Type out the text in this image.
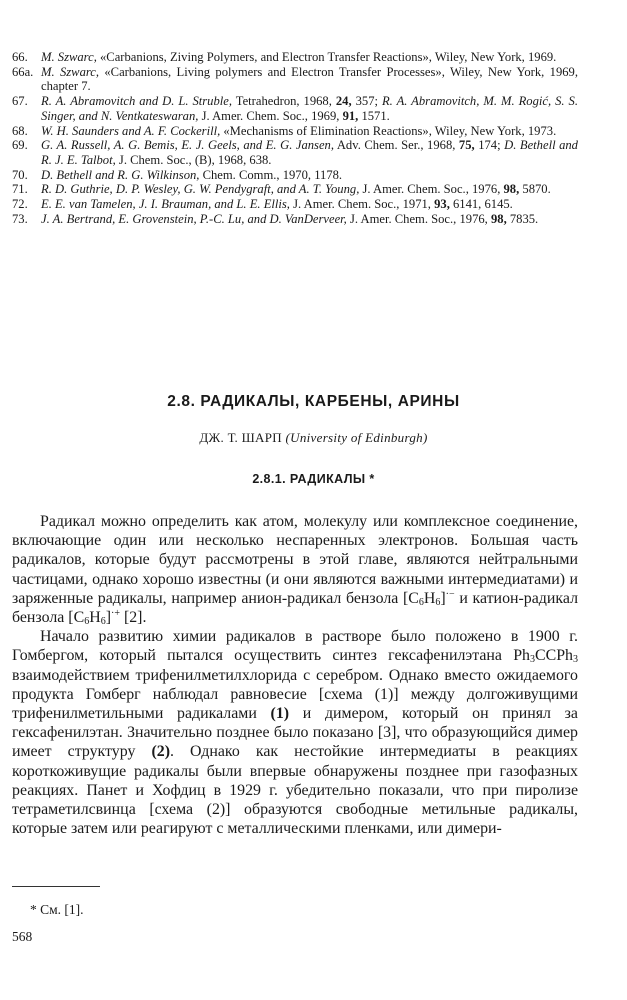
66. M. Szwarc, «Carbanions, Ziving Polymers, and Electron Transfer Reactions», Wiley, New York, 1969.
66a. M. Szwarc, «Carbanions, Living polymers and Electron Transfer Processes», Wiley, New York, 1969, chapter 7.
67. R. A. Abramovitch and D. L. Struble, Tetrahedron, 1968, 24, 357; R. A. Abramovitch, M. M. Rogić, S. S. Singer, and N. Ventkateswaran, J. Amer. Chem. Soc., 1969, 91, 1571.
68. W. H. Saunders and A. F. Cockerill, «Mechanisms of Elimination Reactions», Wiley, New York, 1973.
69. G. A. Russell, A. G. Bemis, E. J. Geels, and E. G. Jansen, Adv. Chem. Ser., 1968, 75, 174; D. Bethell and R. J. E. Talbot, J. Chem. Soc., (B), 1968, 638.
70. D. Bethell and R. G. Wilkinson, Chem. Comm., 1970, 1178.
71. R. D. Guthrie, D. P. Wesley, G. W. Pendygraft, and A. T. Young, J. Amer. Chem. Soc., 1976, 98, 5870.
72. E. E. van Tamelen, J. I. Brauman, and L. E. Ellis, J. Amer. Chem. Soc., 1971, 93, 6141, 6145.
73. J. A. Bertrand, E. Grovenstein, P.-C. Lu, and D. VanDerveer, J. Amer. Chem. Soc., 1976, 98, 7835.
2.8. РАДИКАЛЫ, КАРБЕНЫ, АРИНЫ
ДЖ. Т. ШАРП (University of Edinburgh)
2.8.1. РАДИКАЛЫ *

Радикал можно определить как атом, молекулу или комплексное соединение, включающие один или несколько неспаренных электронов. Большая часть радикалов, которые будут рассмотрены в этой главе, являются нейтральными частицами, однако хорошо известны (и они являются важными интермедиатами) и заряженные радикалы, например анион-радикал бензола $[C_6H_6]^{\cdot-}$ и катион-радикал бензола $[C_6H_6]^{\cdot+}$ [2].

Начало развитию химии радикалов в растворе было положено в 1900 г. Гомбергом, который пытался осуществить синтез гексафенилэтана $Ph_3CCPh_3$ взаимодействием трифенилметилхлорида с серебром. Однако вместо ожидаемого продукта Гомберг наблюдал равновесие [схема (1)] между долгоживущими трифенилметильными радикалами (1) и димером, который он принял за гексафенилэтан. Значительно позднее было показано [3], что образующийся димер имеет структуру (2). Однако как нестойкие интермедиаты в реакциях короткоживущие радикалы были впервые обнаружены позднее при газофазных реакциях. Панет и Хофдиц в 1929 г. убедительно показали, что при пиролизе тетраметилсвинца [схема (2)] образуются свободные метильные радикалы, которые затем или реагируют с металлическими пленками, или димери-

* См. [1].
568
